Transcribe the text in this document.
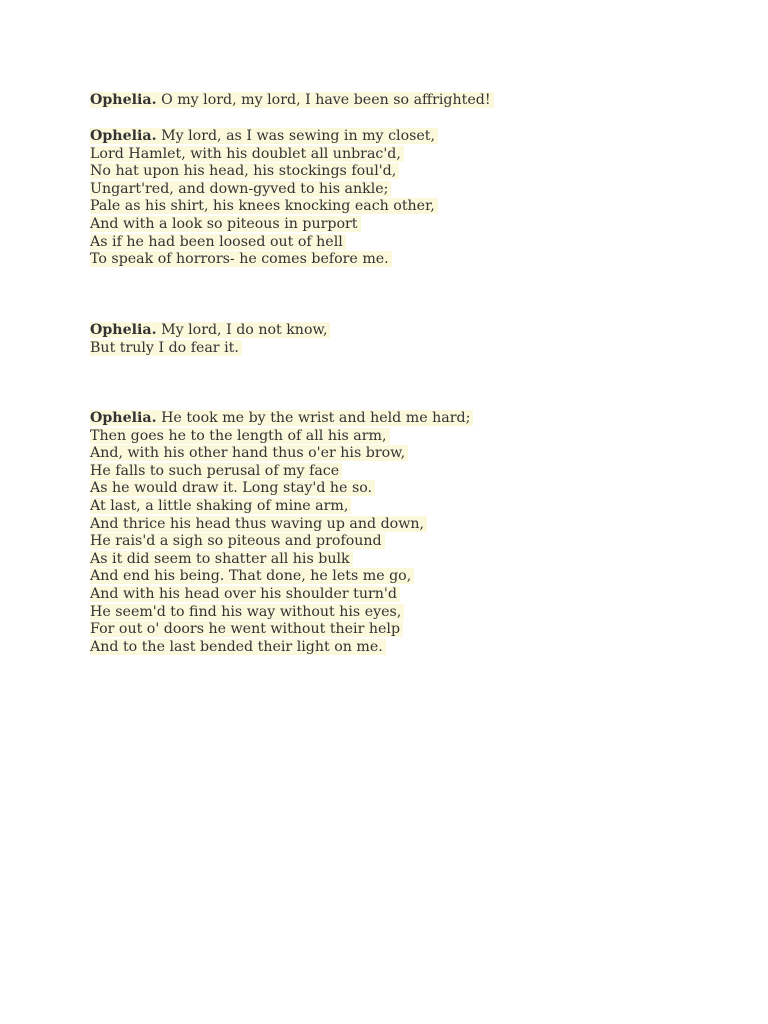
Ophelia. O my lord, my lord, I have been so affrighted!
Ophelia. My lord, as I was sewing in my closet,
Lord Hamlet, with his doublet all unbrac'd,
No hat upon his head, his stockings foul'd,
Ungart'red, and down-gyved to his ankle;
Pale as his shirt, his knees knocking each other,
And with a look so piteous in purport
As if he had been loosed out of hell
To speak of horrors- he comes before me.
Ophelia. My lord, I do not know,
But truly I do fear it.
Ophelia. He took me by the wrist and held me hard;
Then goes he to the length of all his arm,
And, with his other hand thus o'er his brow,
He falls to such perusal of my face
As he would draw it. Long stay'd he so.
At last, a little shaking of mine arm,
And thrice his head thus waving up and down,
He rais'd a sigh so piteous and profound
As it did seem to shatter all his bulk
And end his being. That done, he lets me go,
And with his head over his shoulder turn'd
He seem'd to find his way without his eyes,
For out o' doors he went without their help
And to the last bended their light on me.
